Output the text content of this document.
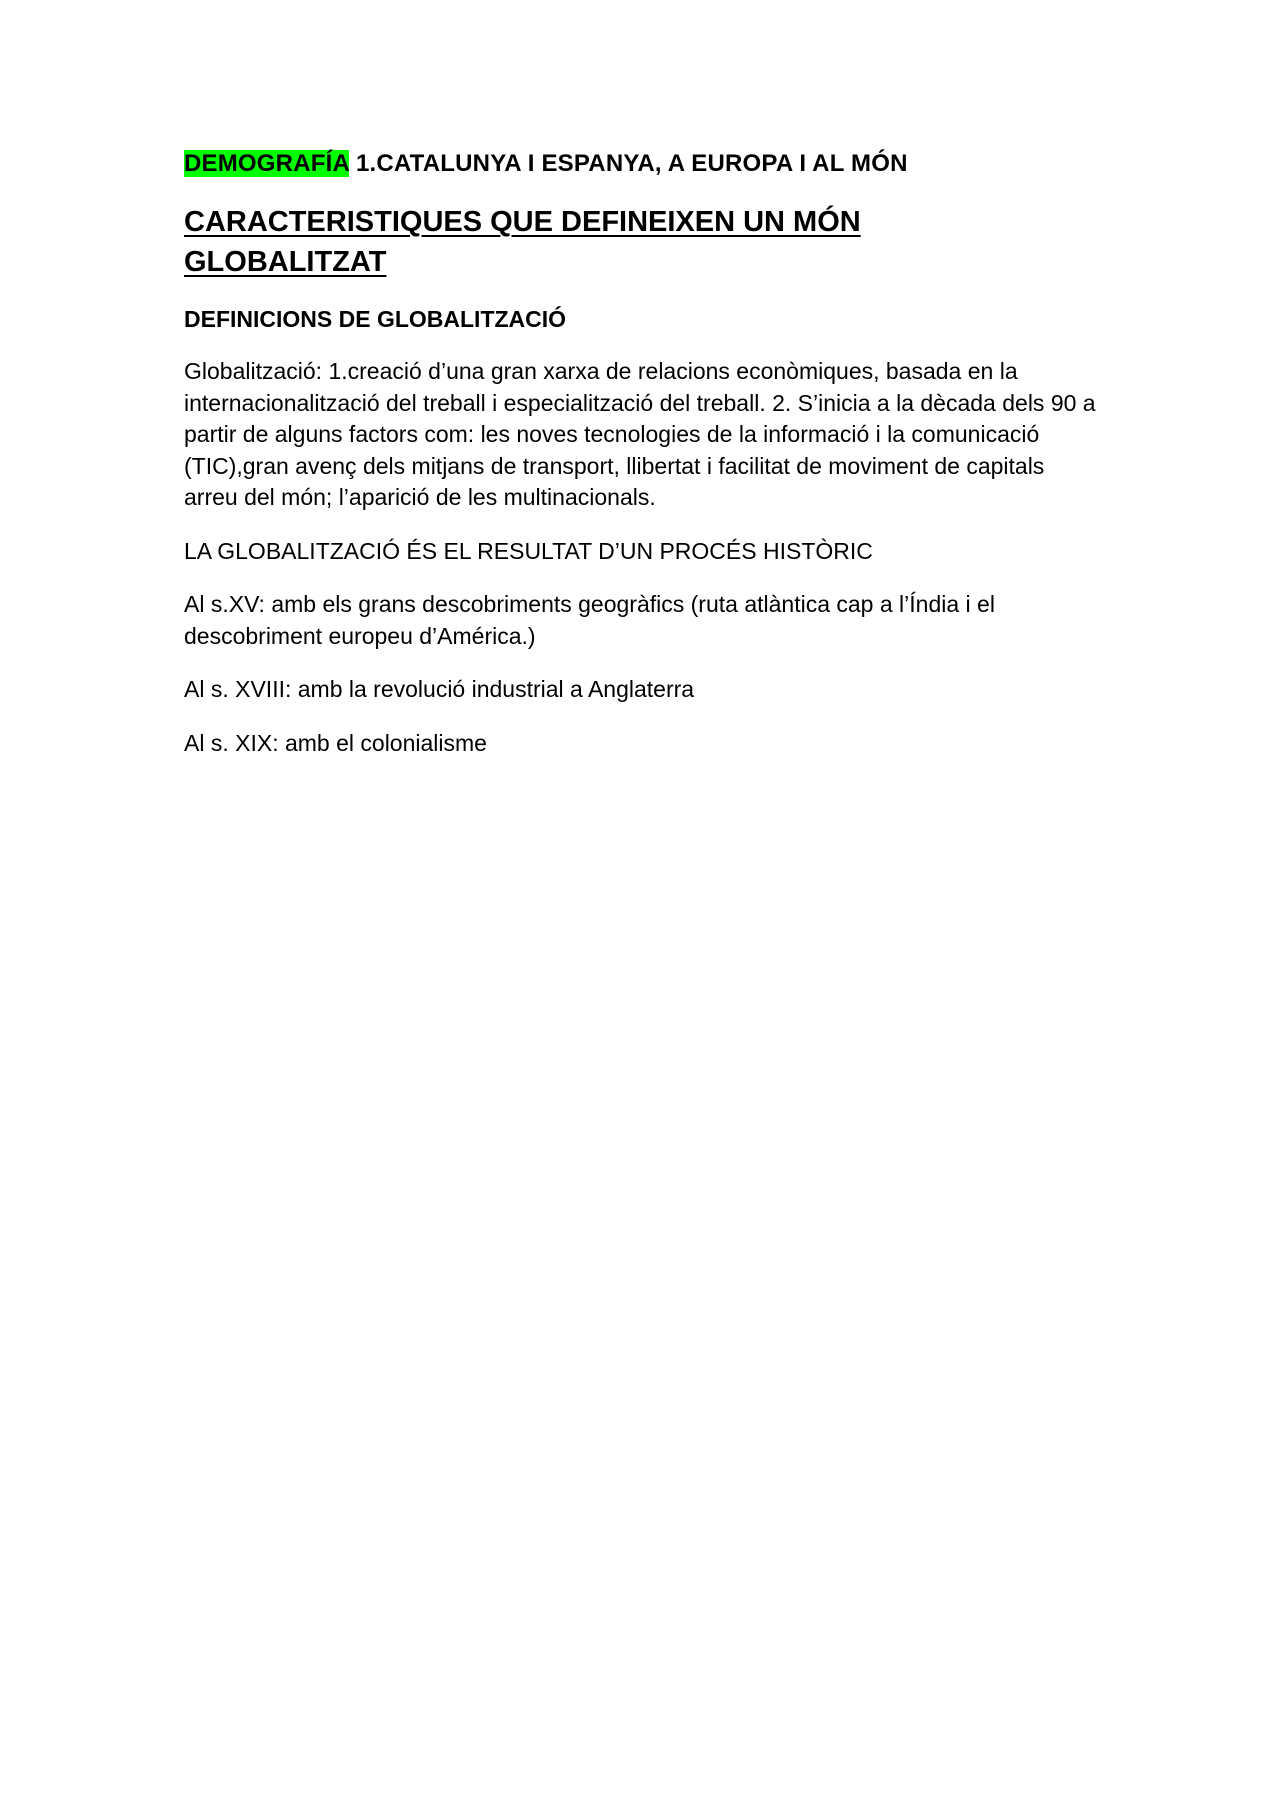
DEMOGRAFÍA 1.CATALUNYA I ESPANYA, A EUROPA I AL MÓN

CARACTERISTIQUES QUE DEFINEIXEN UN MÓN GLOBALITZAT
DEFINICIONS DE GLOBALITZACIÓ

Globalització: 1.creació d’una gran xarxa de relacions econòmiques, basada en la internacionalització del treball i especialització del treball. 2. S’inicia a la dècada dels 90 a partir de alguns factors com: les noves tecnologies de la informació i la comunicació (TIC),gran avenç dels mitjans de transport, llibertat i facilitat de moviment de capitals arreu del món; l’aparició de les multinacionals.

LA GLOBALITZACIÓ ÉS EL RESULTAT D’UN PROCÉS HISTÒRIC

Al s.XV: amb els grans descobriments geogràfics (ruta atlàntica cap a l’Índia i el descobriment europeu d’América.)

Al s. XVIII: amb la revolució industrial a Anglaterra

Al s. XIX: amb el colonialisme
